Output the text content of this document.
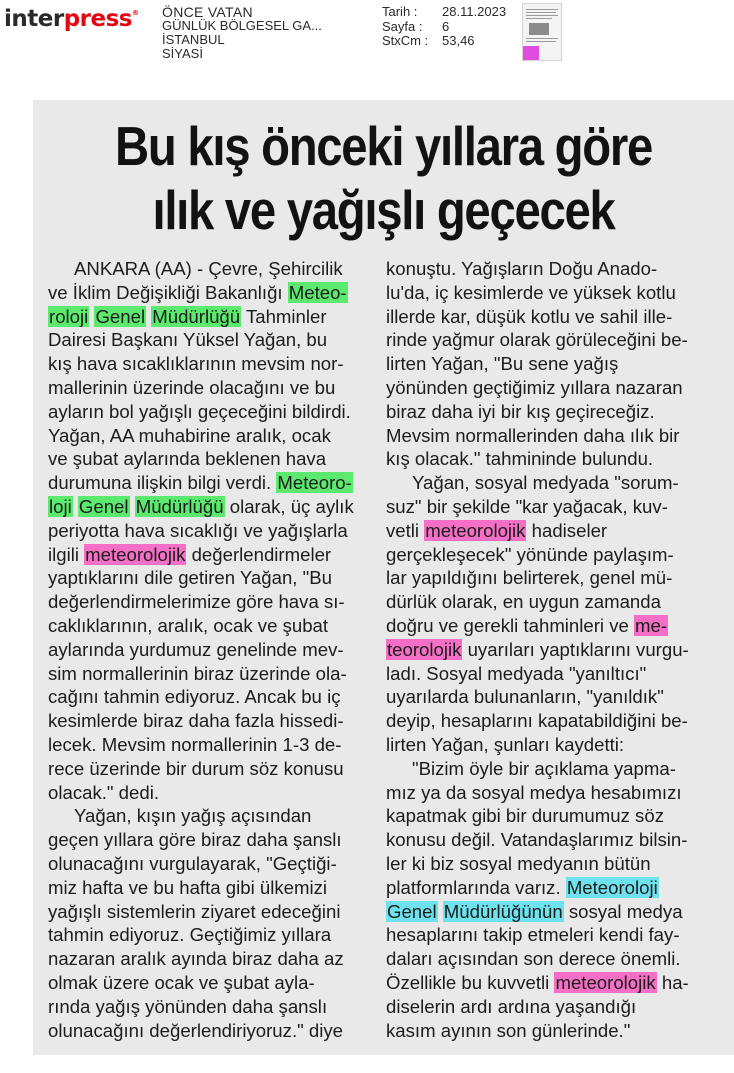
interpress® ÖNCE VATAN
GÜNLÜK BÖLGESEL GA...
İSTANBUL
SİYASİ
Tarih :	28.11.2023
Sayfa :	6
StxCm :	53,46
Bu kış önceki yıllara göre
ılık ve yağışlı geçecek
ANKARA (AA) - Çevre, Şehircilik
ve İklim Değişikliği Bakanlığı Meteo-
roloji Genel Müdürlüğü Tahminler
Dairesi Başkanı Yüksel Yağan, bu
kış hava sıcaklıklarının mevsim nor-
mallerinin üzerinde olacağını ve bu
ayların bol yağışlı geçeceğini bildirdi.
Yağan, AA muhabirine aralık, ocak
ve şubat aylarında beklenen hava
durumuna ilişkin bilgi verdi. Meteoro-
loji Genel Müdürlüğü olarak, üç aylık
periyotta hava sıcaklığı ve yağışlarla
ilgili meteorolojik değerlendirmeler
yaptıklarını dile getiren Yağan, "Bu
değerlendirmelerimize göre hava sı-
caklıklarının, aralık, ocak ve şubat
aylarında yurdumuz genelinde mev-
sim normallerinin biraz üzerinde ola-
cağını tahmin ediyoruz. Ancak bu iç
kesimlerde biraz daha fazla hissedi-
lecek. Mevsim normallerinin 1-3 de-
rece üzerinde bir durum söz konusu
olacak." dedi.
Yağan, kışın yağış açısından
geçen yıllara göre biraz daha şanslı
olunacağını vurgulayarak, "Geçtiği-
miz hafta ve bu hafta gibi ülkemizi
yağışlı sistemlerin ziyaret edeceğini
tahmin ediyoruz. Geçtiğimiz yıllara
nazaran aralık ayında biraz daha az
olmak üzere ocak ve şubat ayla-
rında yağış yönünden daha şanslı
olunacağını değerlendiriyoruz." diye
konuştu. Yağışların Doğu Anado-
lu'da, iç kesimlerde ve yüksek kotlu
illerde kar, düşük kotlu ve sahil ille-
rinde yağmur olarak görüleceğini be-
lirten Yağan, "Bu sene yağış
yönünden geçtiğimiz yıllara nazaran
biraz daha iyi bir kış geçireceğiz.
Mevsim normallerinden daha ılık bir
kış olacak." tahmininde bulundu.
Yağan, sosyal medyada "sorum-
suz" bir şekilde "kar yağacak, kuv-
vetli meteorolojik hadiseler
gerçekleşecek" yönünde paylaşım-
lar yapıldığını belirterek, genel mü-
dürlük olarak, en uygun zamanda
doğru ve gerekli tahminleri ve me-
teorolojik uyarıları yaptıklarını vurgu-
ladı. Sosyal medyada "yanıltıcı"
uyarılarda bulunanların, "yanıldık"
deyip, hesaplarını kapatabildiğini be-
lirten Yağan, şunları kaydetti:
"Bizim öyle bir açıklama yapma-
mız ya da sosyal medya hesabımızı
kapatmak gibi bir durumumuz söz
konusu değil. Vatandaşlarımız bilsin-
ler ki biz sosyal medyanın bütün
platformlarında varız. Meteoroloji
Genel Müdürlüğünün sosyal medya
hesaplarını takip etmeleri kendi fay-
daları açısından son derece önemli.
Özellikle bu kuvvetli meteorolojik ha-
diselerin ardı ardına yaşandığı
kasım ayının son günlerinde."
